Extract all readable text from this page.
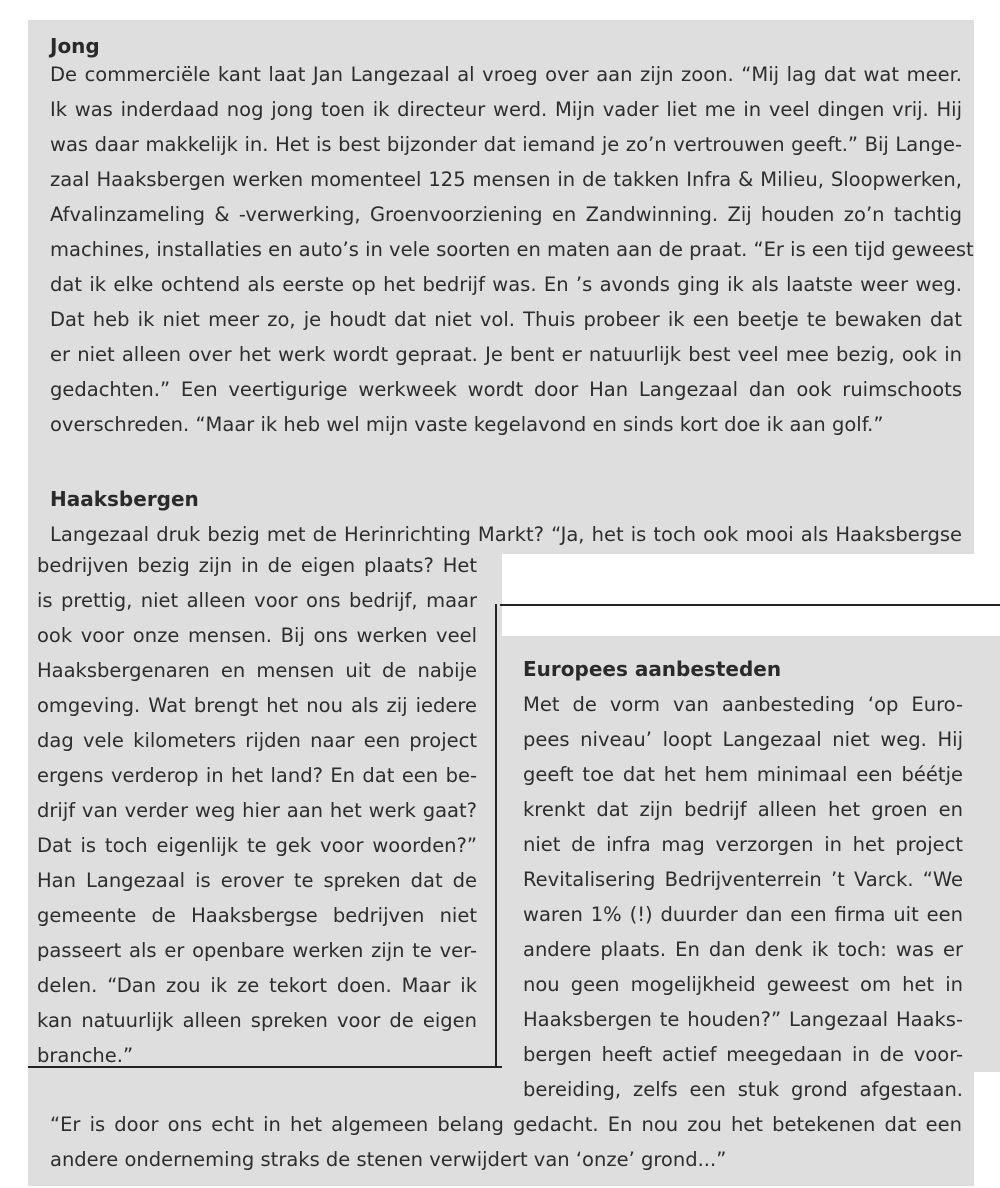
Jong
De commerciële kant laat Jan Langezaal al vroeg over aan zijn zoon. “Mij lag dat wat meer.
Ik was inderdaad nog jong toen ik directeur werd. Mijn vader liet me in veel dingen vrij. Hij
was daar makkelijk in. Het is best bijzonder dat iemand je zo’n vertrouwen geeft.” Bij Lange-
zaal Haaksbergen werken momenteel 125 mensen in de takken Infra & Milieu, Sloopwerken,
Afvalinzameling & -verwerking, Groenvoorziening en Zandwinning. Zij houden zo’n tachtig
machines, installaties en auto’s in vele soorten en maten aan de praat. “Er is een tijd geweest
dat ik elke ochtend als eerste op het bedrijf was. En ’s avonds ging ik als laatste weer weg.
Dat heb ik niet meer zo, je houdt dat niet vol. Thuis probeer ik een beetje te bewaken dat
er niet alleen over het werk wordt gepraat. Je bent er natuurlijk best veel mee bezig, ook in
gedachten.” Een veertigurige werkweek wordt door Han Langezaal dan ook ruimschoots
overschreden. “Maar ik heb wel mijn vaste kegelavond en sinds kort doe ik aan golf.”
Haaksbergen
Langezaal druk bezig met de Herinrichting Markt? “Ja, het is toch ook mooi als Haaksbergse
bedrijven bezig zijn in de eigen plaats? Het
is prettig, niet alleen voor ons bedrijf, maar
ook voor onze mensen. Bij ons werken veel
Haaksbergenaren en mensen uit de nabije
omgeving. Wat brengt het nou als zij iedere
dag vele kilometers rijden naar een project
ergens verderop in het land? En dat een be-
drijf van verder weg hier aan het werk gaat?
Dat is toch eigenlijk te gek voor woorden?”
Han Langezaal is erover te spreken dat de
gemeente de Haaksbergse bedrijven niet
passeert als er openbare werken zijn te ver-
delen. “Dan zou ik ze tekort doen. Maar ik
kan natuurlijk alleen spreken voor de eigen
branche.”
Europees aanbesteden
Met de vorm van aanbesteding ‘op Euro-
pees niveau’ loopt Langezaal niet weg. Hij
geeft toe dat het hem minimaal een béétje
krenkt dat zijn bedrijf alleen het groen en
niet de infra mag verzorgen in het project
Revitalisering Bedrijventerrein ’t Varck. “We
waren 1% (!) duurder dan een firma uit een
andere plaats. En dan denk ik toch: was er
nou geen mogelijkheid geweest om het in
Haaksbergen te houden?” Langezaal Haaks-
bergen heeft actief meegedaan in de voor-
bereiding, zelfs een stuk grond afgestaan.
“Er is door ons echt in het algemeen belang gedacht. En nou zou het betekenen dat een
andere onderneming straks de stenen verwijdert van ‘onze’ grond...”
